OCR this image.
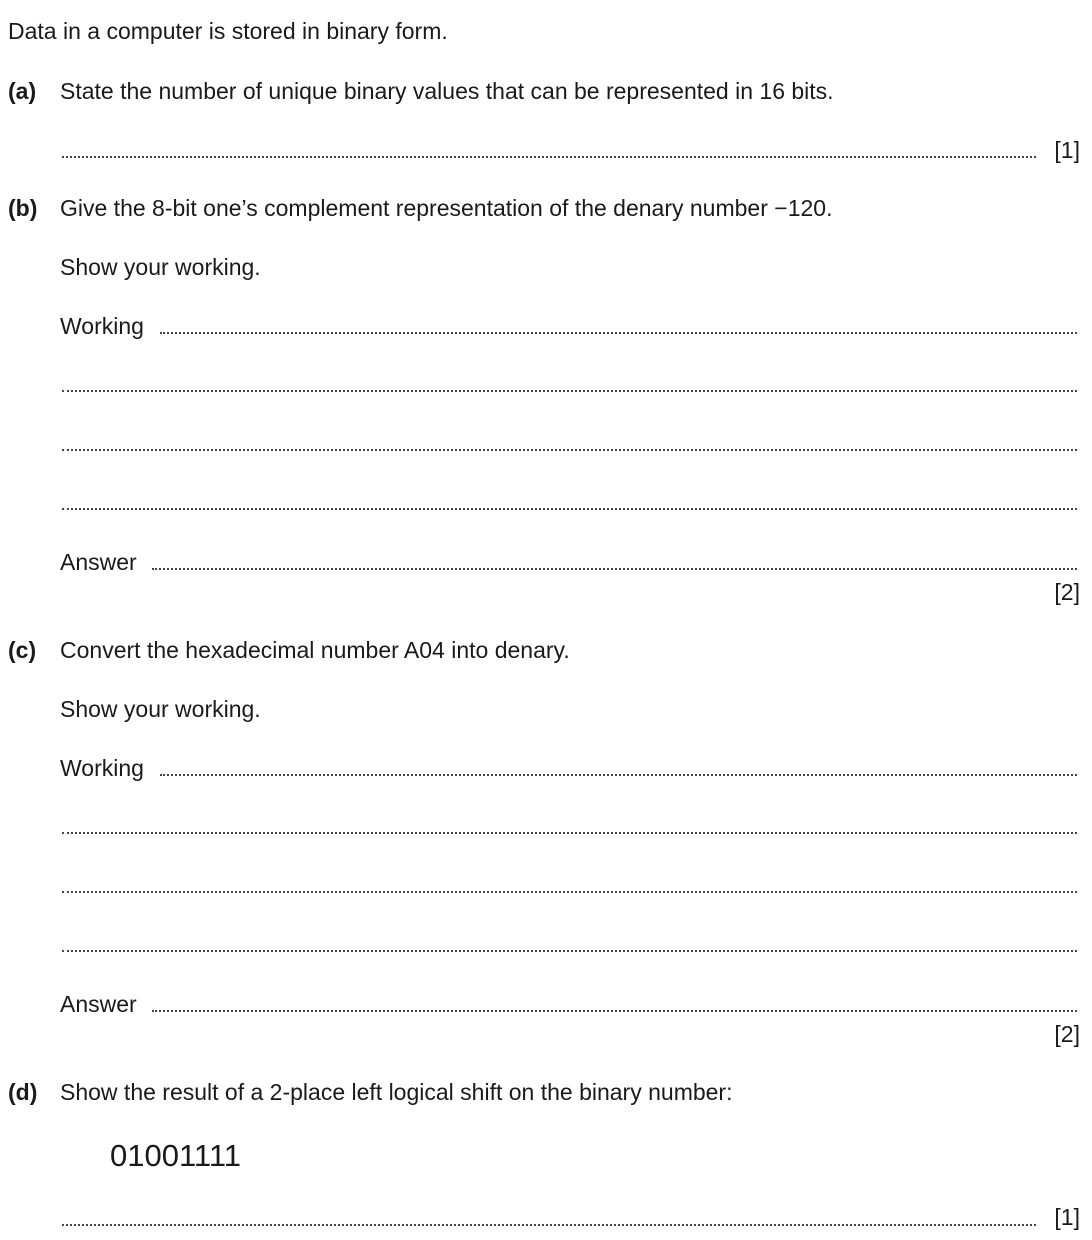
Data in a computer is stored in binary form.
(a) State the number of unique binary values that can be represented in 16 bits.
[1]
(b) Give the 8-bit one’s complement representation of the denary number −120.
Show your working.
Working
Answer
[2]
(c) Convert the hexadecimal number A04 into denary.
Show your working.
Working
Answer
[2]
(d) Show the result of a 2-place left logical shift on the binary number:
01001111
[1]
